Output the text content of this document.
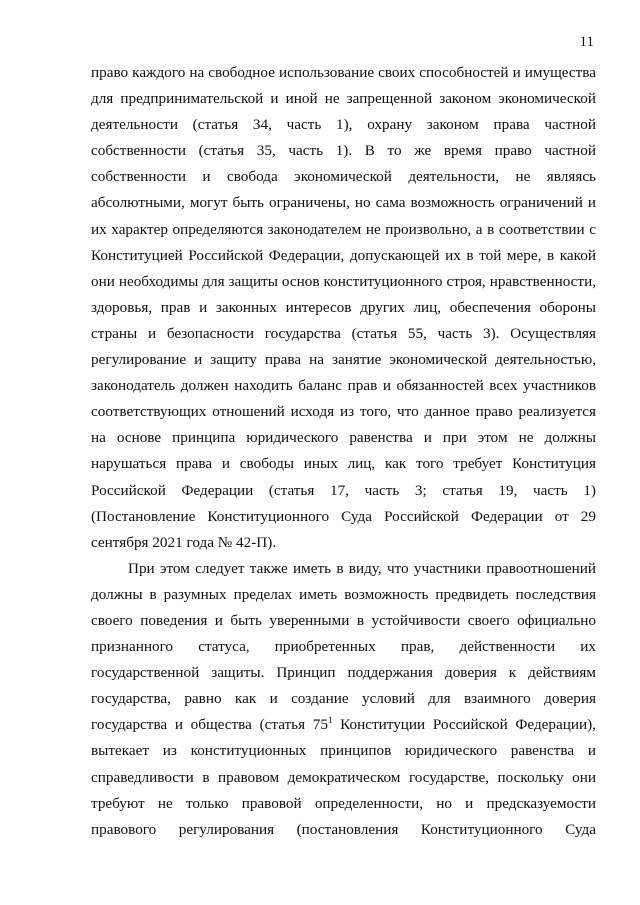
11
право каждого на свободное использование своих способностей и имущества
для предпринимательской и иной не запрещенной законом экономической
деятельности (статья 34, часть 1), охрану законом права частной
собственности (статья 35, часть 1). В то же время право частной
собственности и свобода экономической деятельности, не являясь
абсолютными, могут быть ограничены, но сама возможность ограничений и
их характер определяются законодателем не произвольно, а в соответствии с
Конституцией Российской Федерации, допускающей их в той мере, в какой
они необходимы для защиты основ конституционного строя, нравственности,
здоровья, прав и законных интересов других лиц, обеспечения обороны
страны и безопасности государства (статья 55, часть 3). Осуществляя
регулирование и защиту права на занятие экономической деятельностью,
законодатель должен находить баланс прав и обязанностей всех участников
соответствующих отношений исходя из того, что данное право реализуется
на основе принципа юридического равенства и при этом не должны
нарушаться права и свободы иных лиц, как того требует Конституция
Российской Федерации (статья 17, часть 3; статья 19, часть 1)
(Постановление Конституционного Суда Российской Федерации от 29
сентября 2021 года № 42-П).
При этом следует также иметь в виду, что участники правоотношений
должны в разумных пределах иметь возможность предвидеть последствия
своего поведения и быть уверенными в устойчивости своего официально
признанного статуса, приобретенных прав, действенности их
государственной защиты. Принцип поддержания доверия к действиям
государства, равно как и создание условий для взаимного доверия
государства и общества (статья $75^1$ Конституции Российской Федерации),
вытекает из конституционных принципов юридического равенства и
справедливости в правовом демократическом государстве, поскольку они
требуют не только правовой определенности, но и предсказуемости
правового регулирования (постановления Конституционного Суда
